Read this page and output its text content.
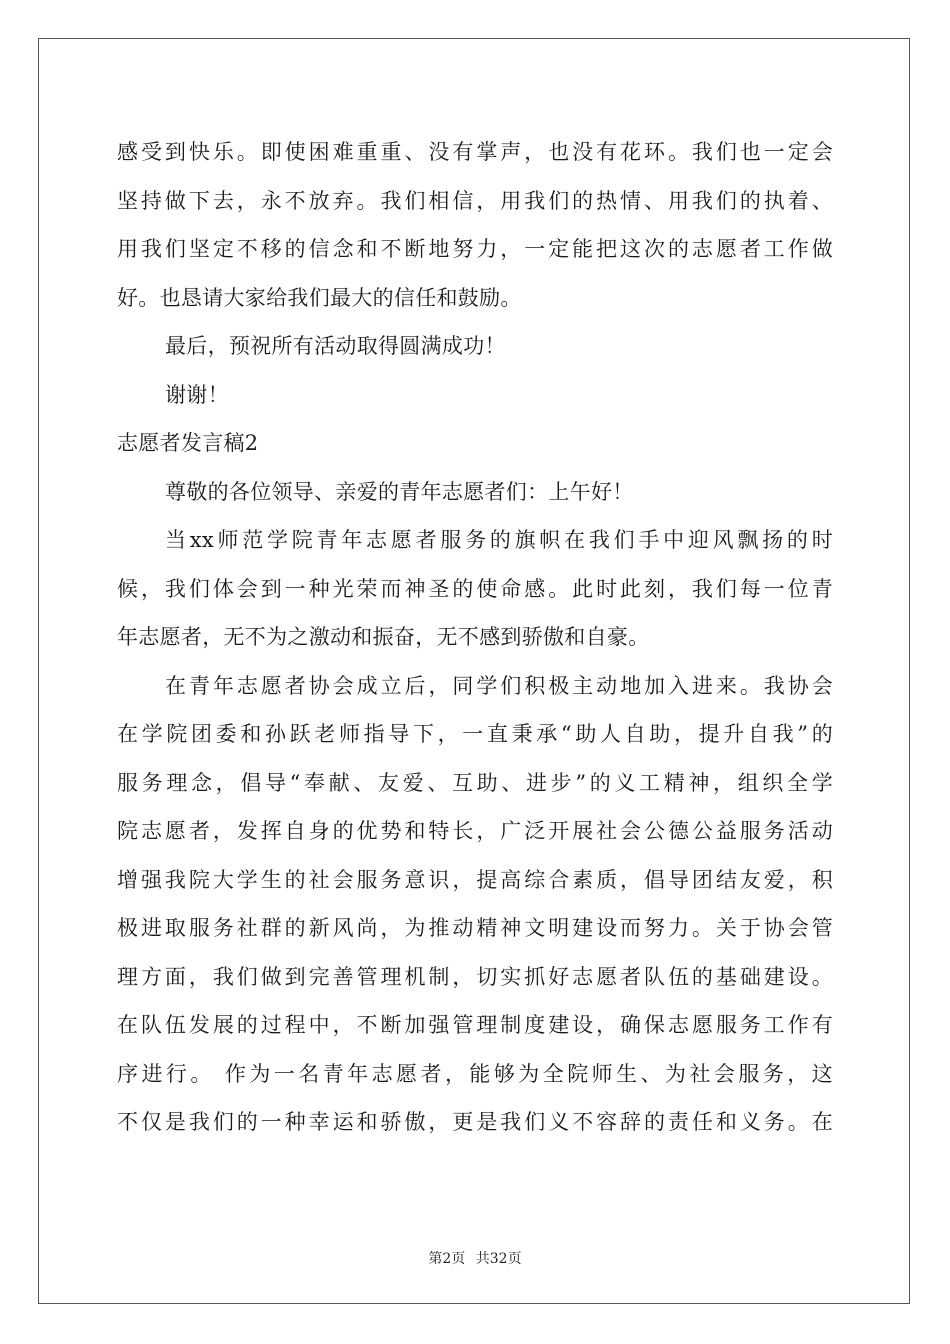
感受到快乐。即使困难重重、没有掌声，也没有花环。我们也一定会
坚持做下去，永不放弃。我们相信，用我们的热情、用我们的执着、
用我们坚定不移的信念和不断地努力，一定能把这次的志愿者工作做
好。也恳请大家给我们最大的信任和鼓励。
最后，预祝所有活动取得圆满成功！
谢谢！
志愿者发言稿2
尊敬的各位领导、亲爱的青年志愿者们：上午好！
当xx师范学院青年志愿者服务的旗帜在我们手中迎风飘扬的时
候，我们体会到一种光荣而神圣的使命感。此时此刻，我们每一位青
年志愿者，无不为之激动和振奋，无不感到骄傲和自豪。
在青年志愿者协会成立后，同学们积极主动地加入进来。我协会
在学院团委和孙跃老师指导下，一直秉承“助人自助，提升自我”的
服务理念，倡导“奉献、友爱、互助、进步”的义工精神，组织全学
院志愿者，发挥自身的优势和特长，广泛开展社会公德公益服务活动
增强我院大学生的社会服务意识，提高综合素质，倡导团结友爱，积
极进取服务社群的新风尚，为推动精神文明建设而努力。关于协会管
理方面，我们做到完善管理机制，切实抓好志愿者队伍的基础建设。
在队伍发展的过程中，不断加强管理制度建设，确保志愿服务工作有
序进行。 作为一名青年志愿者，能够为全院师生、为社会服务，这
不仅是我们的一种幸运和骄傲，更是我们义不容辞的责任和义务。在
第2页 共32页
